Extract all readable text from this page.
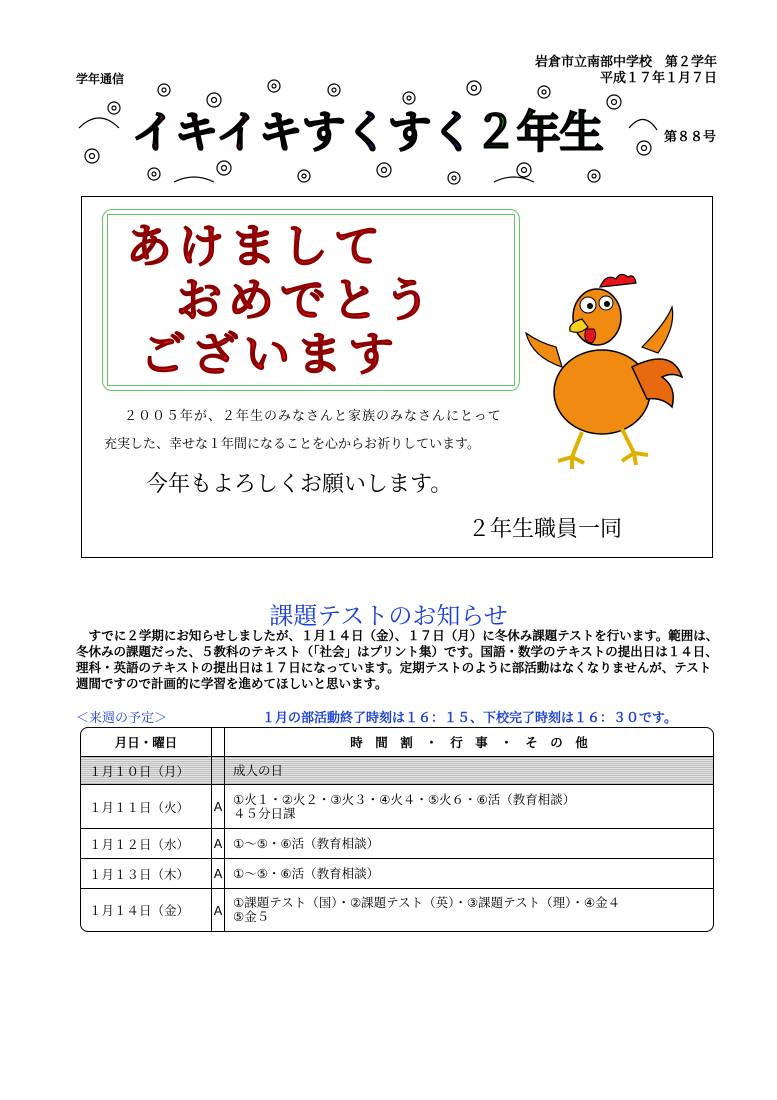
学年通信
岩倉市立南部中学校　第２学年
平成１７年１月７日
イキイキすくすく２年生	第８８号
あけまして
おめでとう
ございます
２００５年が、２年生のみなさんと家族のみなさんにとって
充実した、幸せな１年間になることを心からお祈りしています。
今年もよろしくお願いします。
２年生職員一同
課題テストのお知らせ
　すでに２学期にお知らせしましたが、１月１４日（金）、１７日（月）に冬休み課題テストを行います。範囲は、冬休みの課題だった、５教科のテキスト（「社会」はプリント集）です。国語・数学のテキストの提出日は１４日、理科・英語のテキストの提出日は１７日になっています。定期テストのように部活動はなくなりませんが、テスト週間ですので計画的に学習を進めてほしいと思います。
＜来週の予定＞	１月の部活動終了時刻は１６：１５、下校完了時刻は１６：３０です。
月日・曜日		時　間　割　・　行　事　・　そ　の　他
１月１０日（月）		成人の日

１月１１日（火）	A	①火１・②火２・③火３・④火４・⑤火６・⑥活（教育相談）
４５分日課

１月１２日（水）	A	①～⑤・⑥活（教育相談）

１月１３日（木）	A	①～⑤・⑥活（教育相談）

１月１４日（金）	A	①課題テスト（国）・②課題テスト（英）・③課題テスト（理）・④金４
⑤金５
